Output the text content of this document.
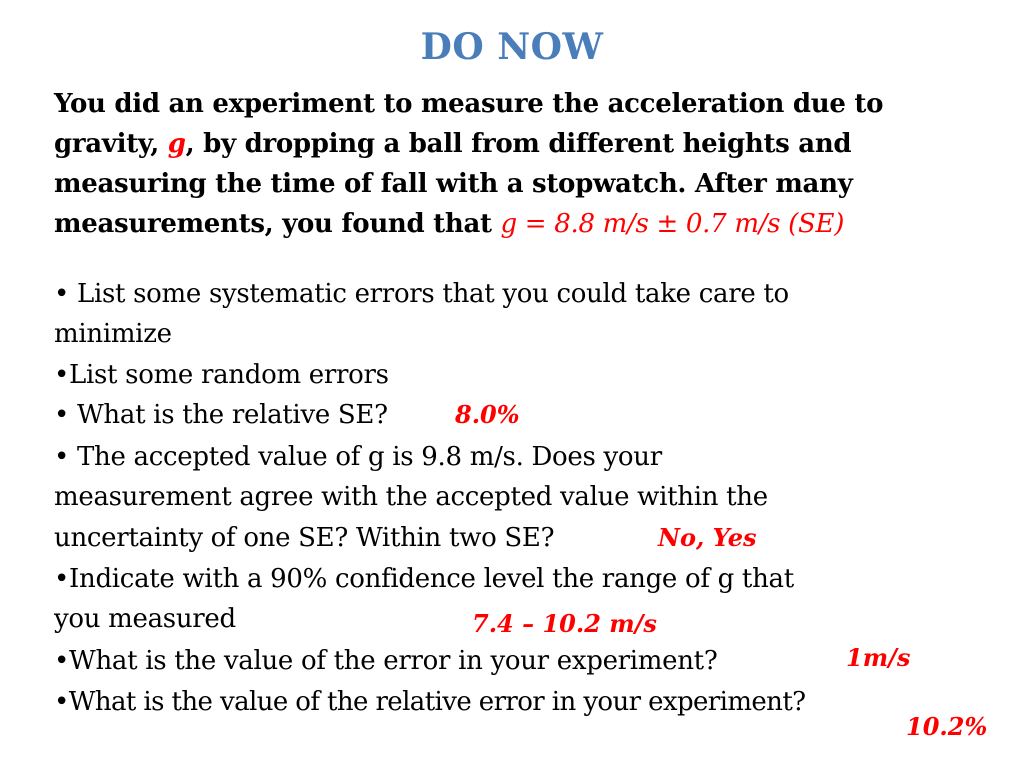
DO NOW
You did an experiment to measure the acceleration due to gravity, g, by dropping a ball from different heights and measuring the time of fall with a stopwatch. After many measurements, you found that g = 8.8 m/s ± 0.7 m/s (SE)
• List some systematic errors that you could take care to
minimize
•List some random errors
• What is the relative SE?
• The accepted value of g is 9.8 m/s. Does your
measurement agree with the accepted value within the
uncertainty of one SE? Within two SE?
•Indicate with a 90% confidence level the range of g that
you measured
•What is the value of the error in your experiment?
•What is the value of the relative error in your experiment?
8.0%
No, Yes
7.4 – 10.2 m/s
1m/s
10.2%
